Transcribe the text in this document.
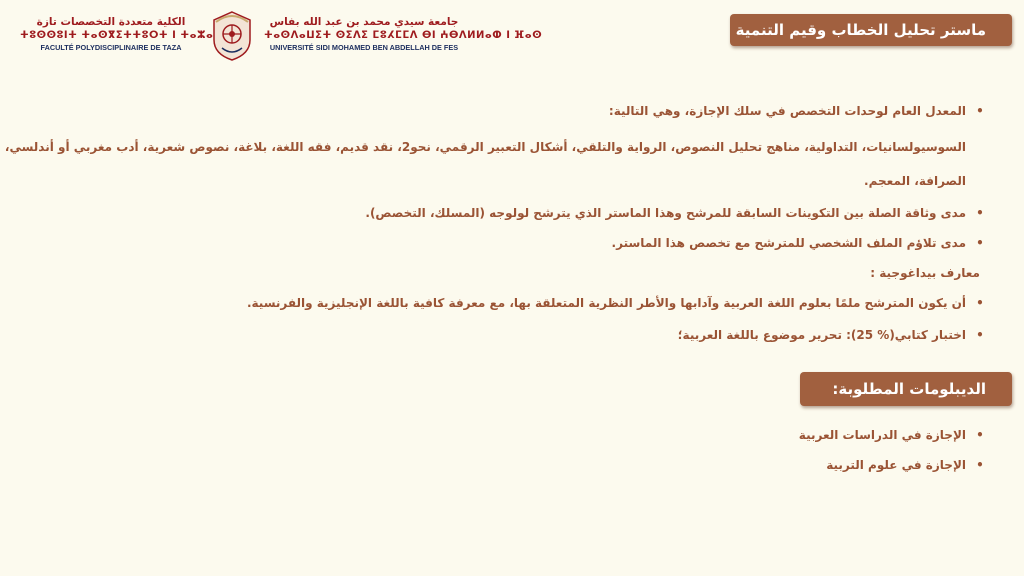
الكلية متعددة التخصصات تازة
ⵜⵓⵙⵙⵓⵏⵜ ⵜⴰⵙⴳⵉⵜⵜⵓⵔⵜ ⵏ ⵜⴰⵣⴰ
FACULTÉ POLYDISCIPLINAIRE DE TAZA
جامعة سيدي محمد بن عبد الله بفاس
ⵜⴰⵙⴷⴰⵡⵉⵜ ⵙⵉⴷⵉ ⵎⵓⵃⵎⵎⴷ ⴱⵏ ⵄⴱⴷⵍⵍⴰⵀ ⵏ ⴼⴰⵙ
UNIVERSITÉ SIDI MOHAMED BEN ABDELLAH DE FES
ماستر تحليل الخطاب وقيم التنمية
•المعدل العام لوحدات التخصص في سلك الإجازة، وهي التالية:
السوسيولسانيات، التداولية، مناهج تحليل النصوص، الرواية والتلقي، أشكال التعبير الرقمي، نحو2، نقد قديم، فقه اللغة، بلاغة، نصوص شعرية، أدب مغربي أو أندلسي،
الصرافة، المعجم.
•مدى وثاقة الصلة بين التكوينات السابقة للمرشح وهذا الماستر الذي يترشح لولوجه (المسلك، التخصص).
•مدى تلاؤم الملف الشخصي للمترشح مع تخصص هذا الماستر.
معارف بيداغوجية :
•أن يكون المترشح ملمًا بعلوم اللغة العربية وآدابها والأطر النظرية المتعلقة بها، مع معرفة كافية باللغة الإنجليزية والفرنسية.
•اختبار كتابي(% 25): تحرير موضوع باللغة العربية؛
الديبلومات المطلوبة:
•الإجازة في الدراسات العربية
•الإجازة في علوم التربية
